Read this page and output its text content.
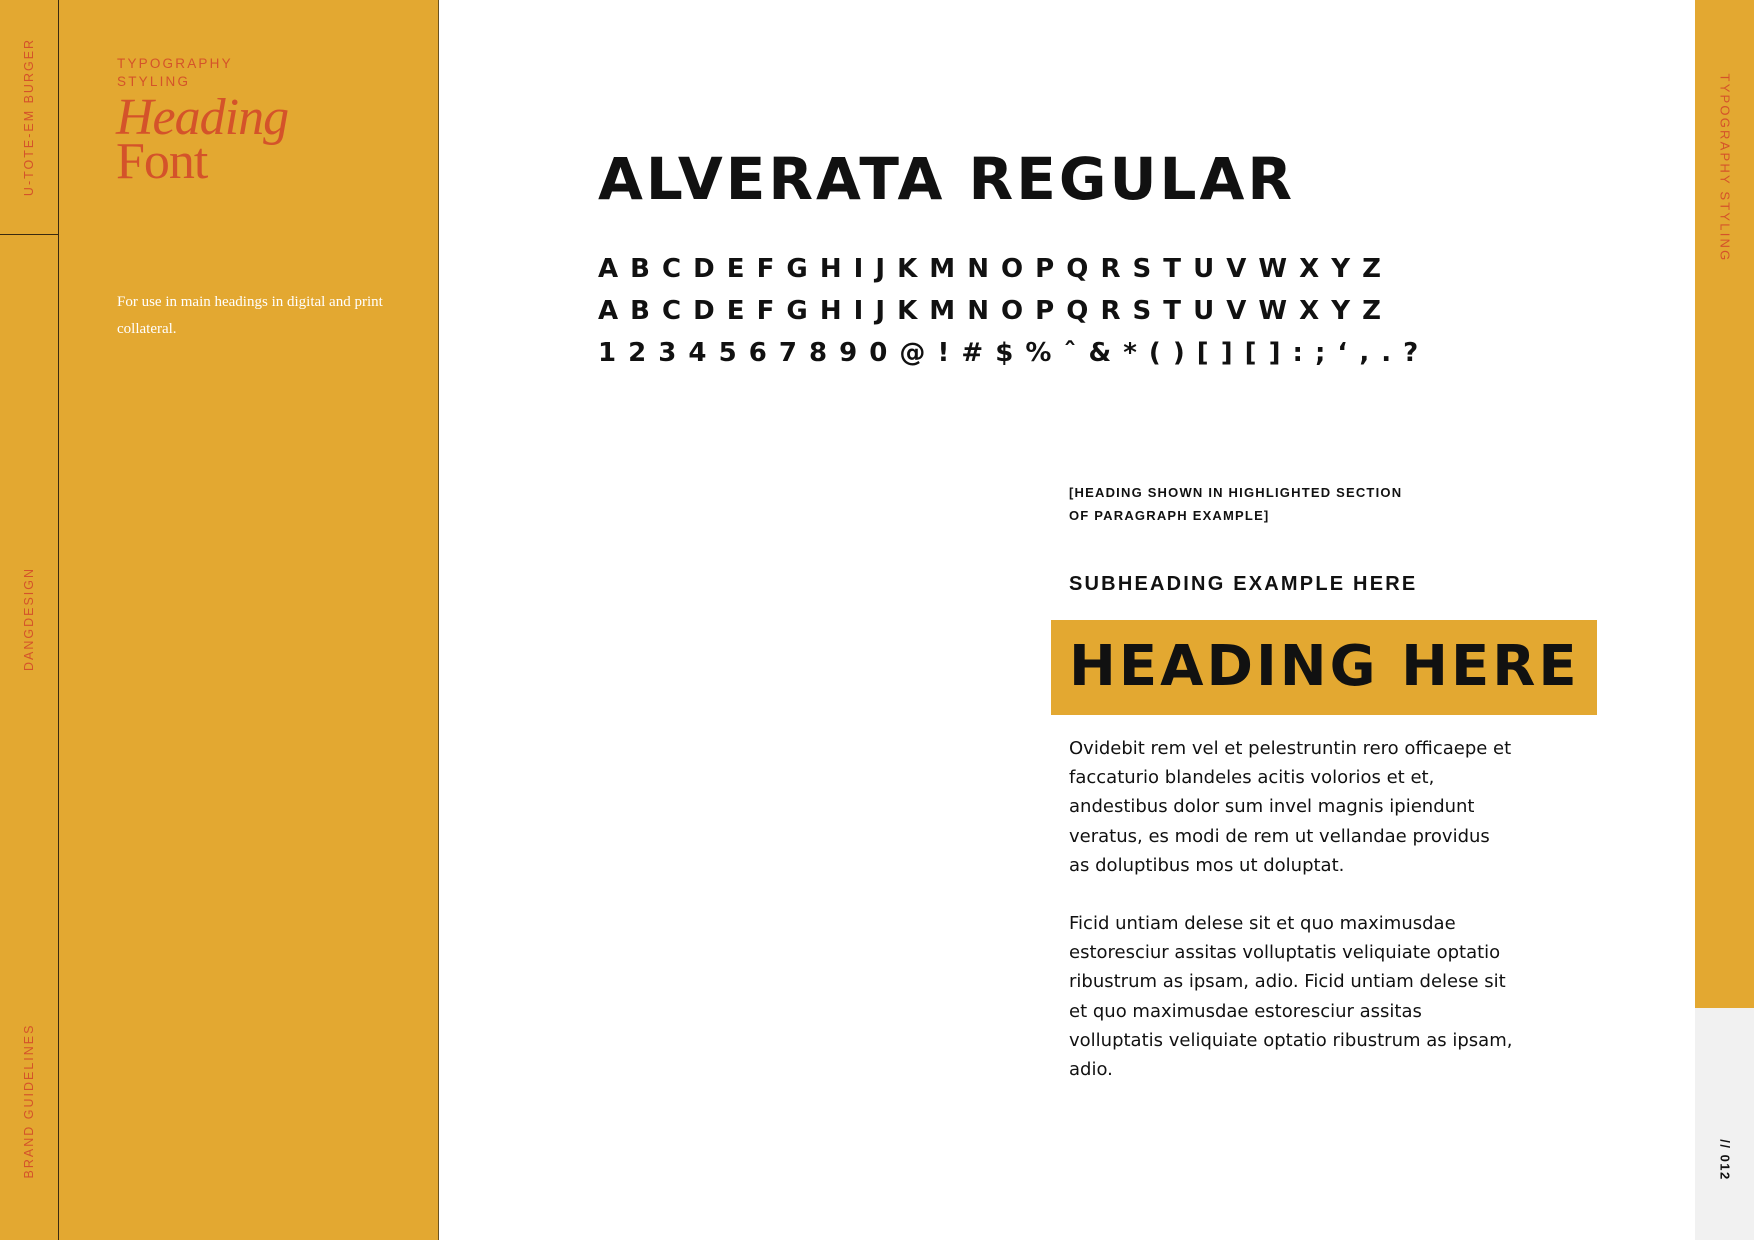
U-TOTE-EM BURGER
DANGDESIGN
BRAND GUIDELINES
TYPOGRAPHY
STYLING
Heading
Font
For use in main headings in digital and print collateral.
ALVERATA REGULAR
A B C D E F G H I J K M N O P Q R S T U V W X Y Z
A B C D E F G H I J K M N O P Q R S T U V W X Y Z
1 2 3 4 5 6 7 8 9 0 @ ! # $ % ˆ & * ( ) [ ] [ ] : ; ‘ , . ?
[HEADING SHOWN IN HIGHLIGHTED SECTION
OF PARAGRAPH EXAMPLE]
SUBHEADING EXAMPLE HERE
HEADING HERE
Ovidebit rem vel et pelestruntin rero officaepe et faccaturio blandeles acitis volorios et et, andestibus dolor sum invel magnis ipiendunt veratus, es modi de rem ut vellandae providus as doluptibus mos ut doluptat.
Ficid untiam delese sit et quo maximusdae estoresciur assitas volluptatis veliquiate optatio ribustrum as ipsam, adio. Ficid untiam delese sit et quo maximusdae estoresciur assitas volluptatis veliquiate optatio ribustrum as ipsam, adio.
TYPOGRAPHY STYLING
// 012
